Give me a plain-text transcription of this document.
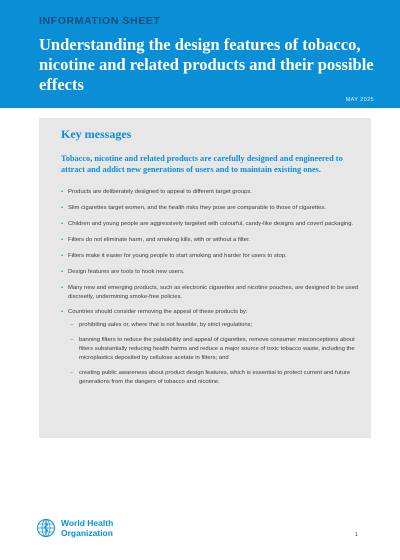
INFORMATION SHEET
Understanding the design features of tobacco, nicotine and related products and their possible effects
MAY 2025
Key messages

Tobacco, nicotine and related products are carefully designed and engineered to attract and addict new generations of users and to maintain existing ones.

• Products are deliberately designed to appeal to different target groups.
• Slim cigarettes target women, and the health risks they pose are comparable to those of cigarettes.
• Children and young people are aggressively targeted with colourful, candy-like designs and covert packaging.
• Filters do not eliminate harm, and smoking kills, with or without a filter.
• Filters make it easier for young people to start smoking and harder for users to stop.
• Design features are tools to hook new users.
• Many new and emerging products, such as electronic cigarettes and nicotine pouches, are designed to be used discreetly, undermining smoke-free policies.
• Countries should consider removing the appeal of these products by:
– prohibiting sales or, where that is not feasible, by strict regulations;
– banning filters to reduce the palatability and appeal of cigarettes, remove consumer misconceptions about filters substantially reducing health harms and reduce a major source of toxic tobacco waste, including the microplastics deposited by cellulose acetate in filters; and
– creating public awareness about product design features, which is essential to protect current and future generations from the dangers of tobacco and nicotine.
World Health
Organization	1
